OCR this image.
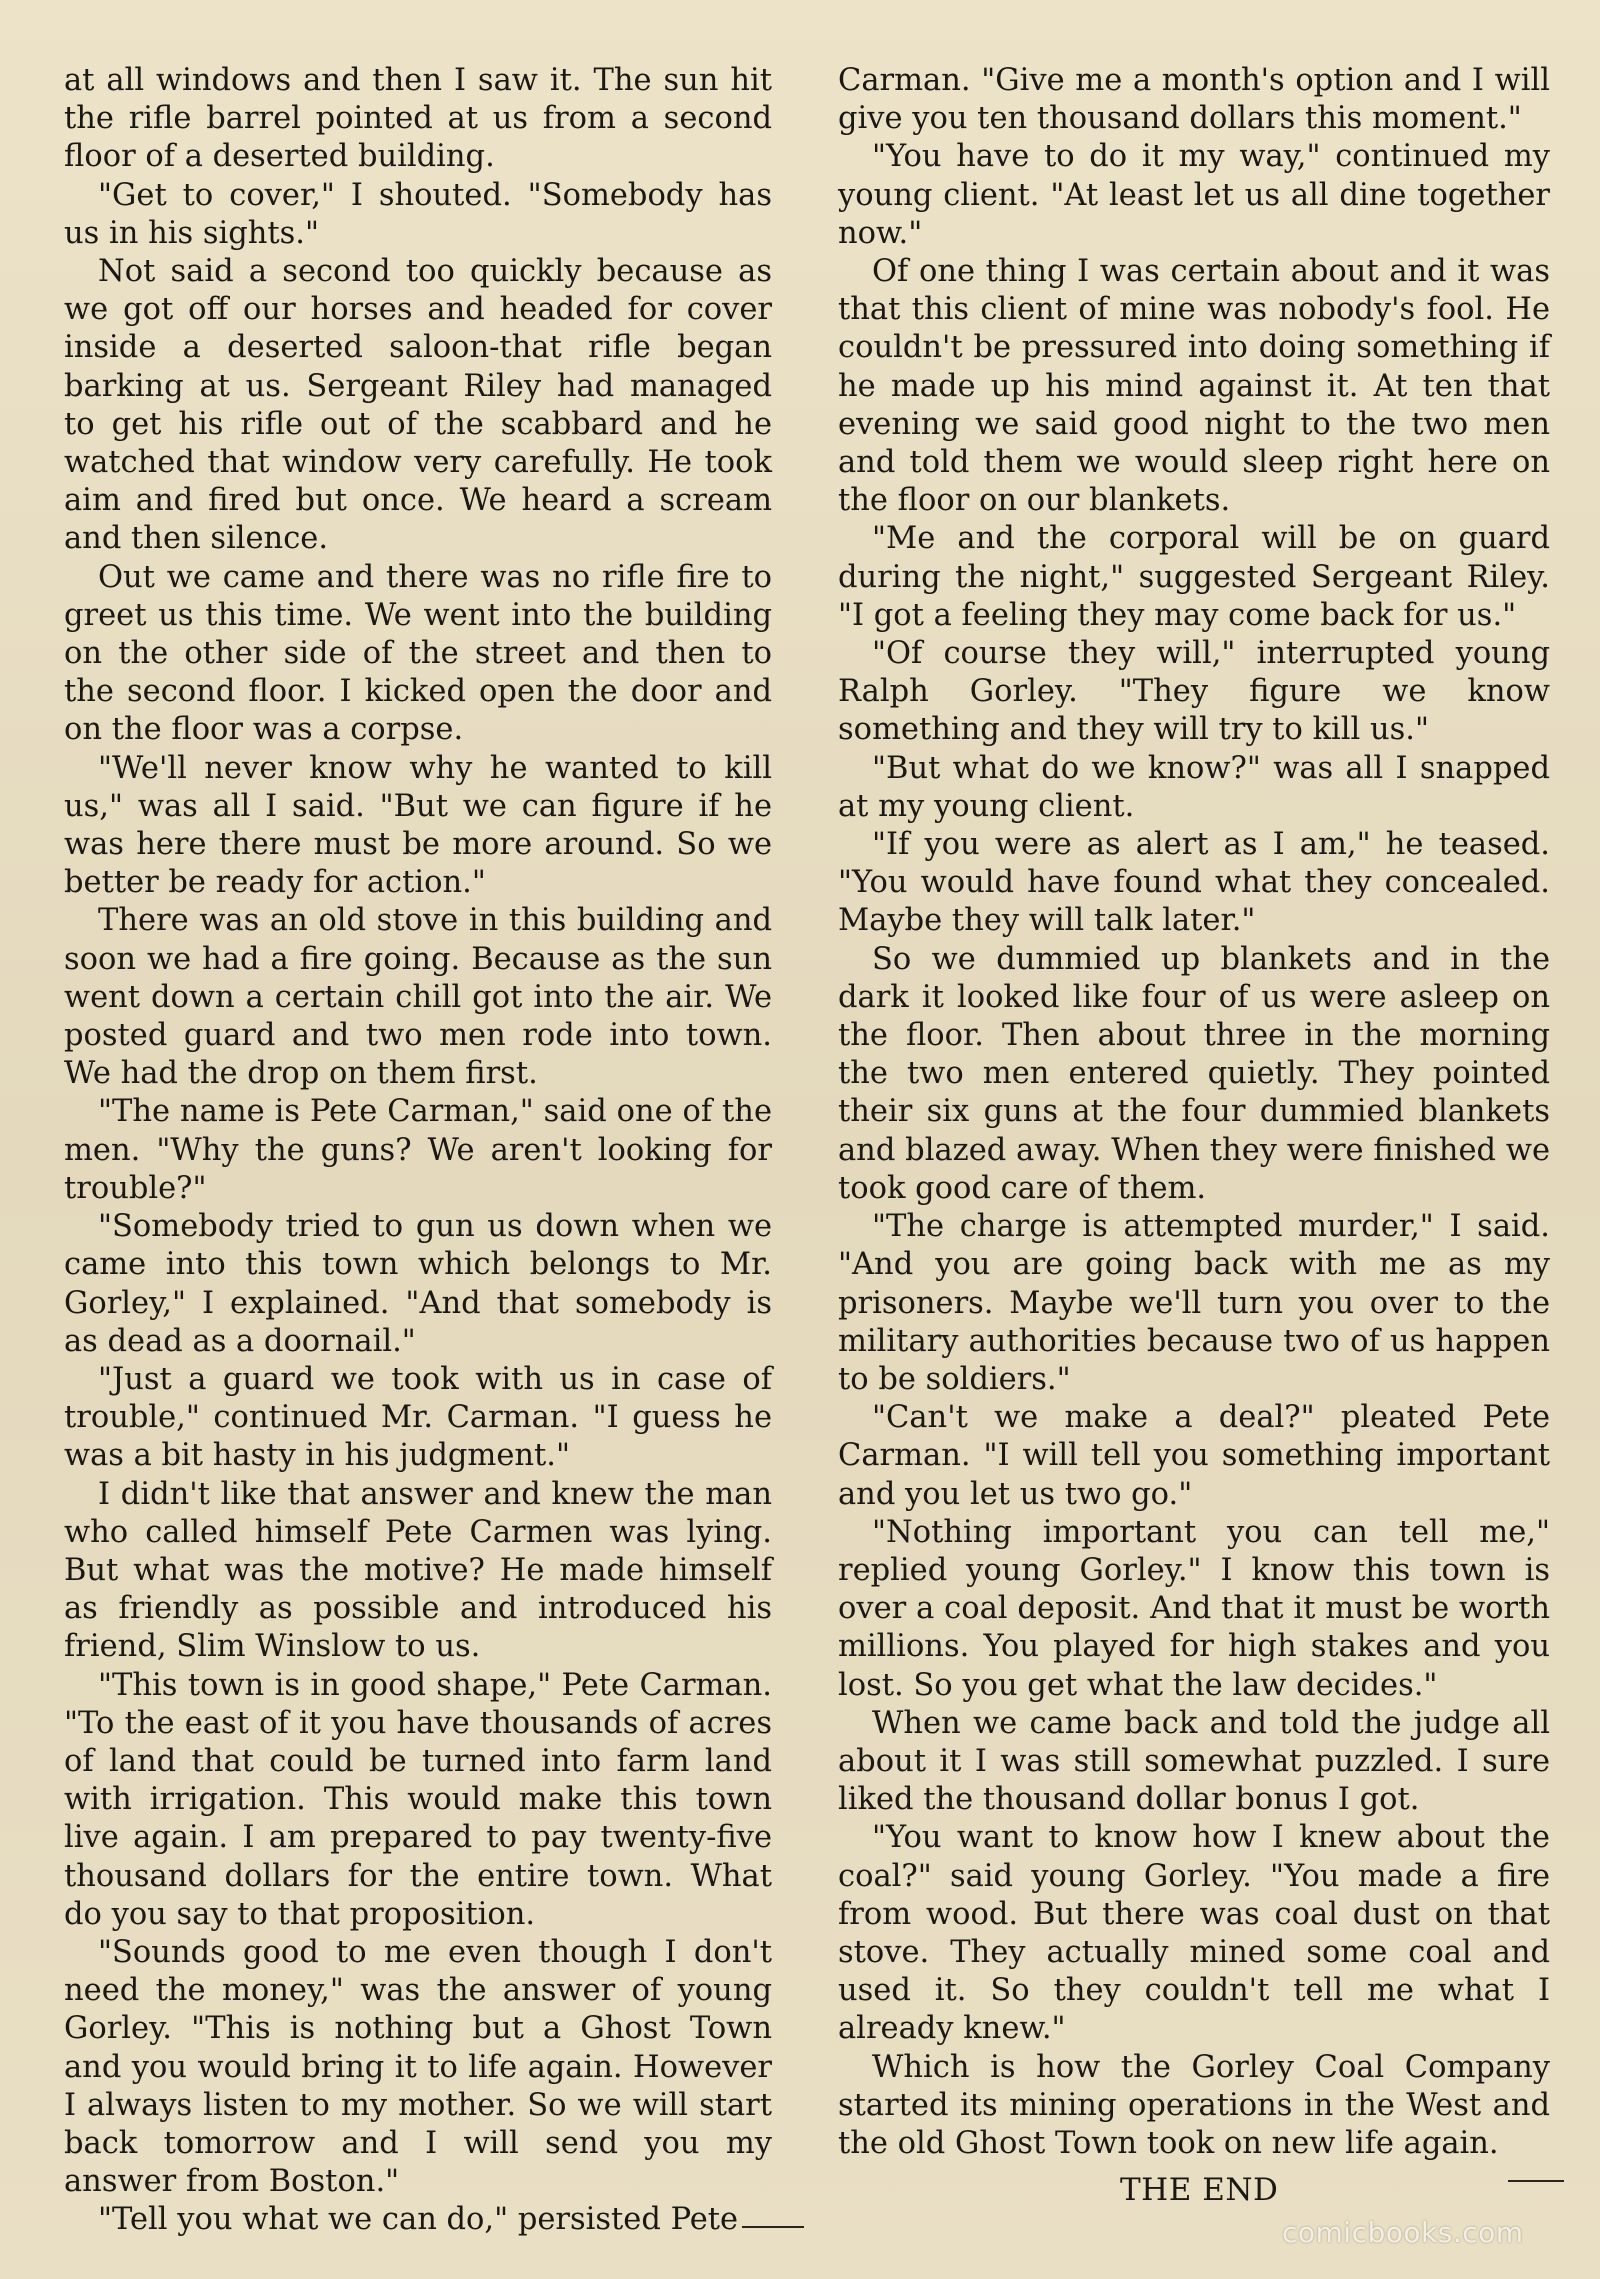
at all windows and then I saw it. The sun hit the rifle barrel pointed at us from a second floor of a deserted building.

"Get to cover," I shouted. "Somebody has us in his sights."

Not said a second too quickly because as we got off our horses and headed for cover inside a deserted saloon-that rifle began barking at us. Sergeant Riley had managed to get his rifle out of the scabbard and he watched that window very carefully. He took aim and fired but once. We heard a scream and then silence.

Out we came and there was no rifle fire to greet us this time. We went into the building on the other side of the street and then to the second floor. I kicked open the door and on the floor was a corpse.

"We'll never know why he wanted to kill us," was all I said. "But we can figure if he was here there must be more around. So we better be ready for action."

There was an old stove in this building and soon we had a fire going. Because as the sun went down a certain chill got into the air. We posted guard and two men rode into town. We had the drop on them first.

"The name is Pete Carman," said one of the men. "Why the guns? We aren't looking for trouble?"

"Somebody tried to gun us down when we came into this town which belongs to Mr. Gorley," I explained. "And that somebody is as dead as a doornail."

"Just a guard we took with us in case of trouble," continued Mr. Carman. "I guess he was a bit hasty in his judgment."

I didn't like that answer and knew the man who called himself Pete Carmen was lying. But what was the motive? He made himself as friendly as possible and introduced his friend, Slim Winslow to us.

"This town is in good shape," Pete Carman. "To the east of it you have thousands of acres of land that could be turned into farm land with irrigation. This would make this town live again. I am prepared to pay twenty-five thousand dollars for the entire town. What do you say to that proposition.

"Sounds good to me even though I don't need the money," was the answer of young Gorley. "This is nothing but a Ghost Town and you would bring it to life again. However I always listen to my mother. So we will start back tomorrow and I will send you my answer from Boston."

"Tell you what we can do," persisted Pete

Carman. "Give me a month's option and I will give you ten thousand dollars this moment."

"You have to do it my way," continued my young client. "At least let us all dine together now."

Of one thing I was certain about and it was that this client of mine was nobody's fool. He couldn't be pressured into doing something if he made up his mind against it. At ten that evening we said good night to the two men and told them we would sleep right here on the floor on our blankets.

"Me and the corporal will be on guard during the night," suggested Sergeant Riley. "I got a feeling they may come back for us."

"Of course they will," interrupted young Ralph Gorley. "They figure we know something and they will try to kill us."

"But what do we know?" was all I snapped at my young client.

"If you were as alert as I am," he teased. "You would have found what they concealed. Maybe they will talk later."

So we dummied up blankets and in the dark it looked like four of us were asleep on the floor. Then about three in the morning the two men entered quietly. They pointed their six guns at the four dummied blankets and blazed away. When they were finished we took good care of them.

"The charge is attempted murder," I said. "And you are going back with me as my prisoners. Maybe we'll turn you over to the military authorities because two of us happen to be soldiers."

"Can't we make a deal?" pleated Pete Carman. "I will tell you something important and you let us two go."

"Nothing important you can tell me," replied young Gorley." I know this town is over a coal deposit. And that it must be worth millions. You played for high stakes and you lost. So you get what the law decides."

When we came back and told the judge all about it I was still somewhat puzzled. I sure liked the thousand dollar bonus I got.

"You want to know how I knew about the coal?" said young Gorley. "You made a fire from wood. But there was coal dust on that stove. They actually mined some coal and used it. So they couldn't tell me what I already knew."

Which is how the Gorley Coal Company started its mining operations in the West and the old Ghost Town took on new life again.

THE END
comicbooks.com
